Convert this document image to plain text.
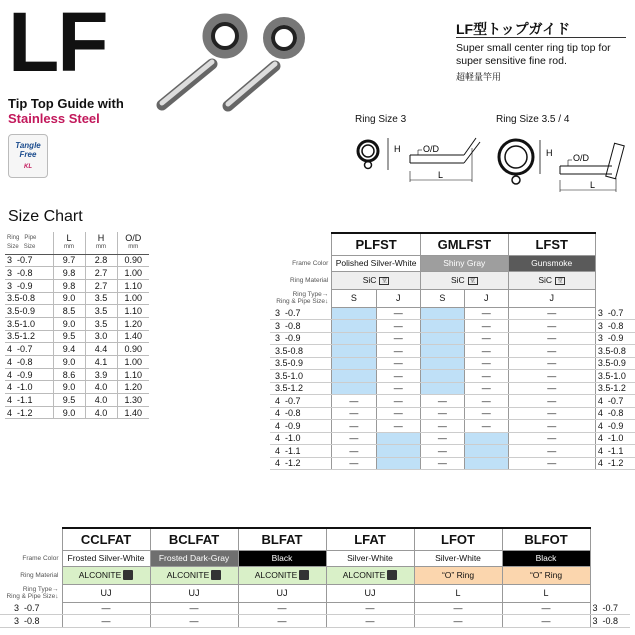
LF
Tip Top Guide with
Stainless Steel
Tangle
Free
KL
LF型トップガイド
Super small center ring tip top for super sensitive fine rod.
超軽量竿用
Ring Size 3	Ring Size 3.5 / 4
H	O/D
L
H O/D
L
Size Chart
Ring Pipe
Size Size	L
mm	H
mm	O/D
mm

3  -0.7	9.7	2.8	0.90
3  -0.8	9.8	2.7	1.00
3  -0.9	9.8	2.7	1.10
3.5-0.8	9.0	3.5	1.00
3.5-0.9	8.5	3.5	1.10
3.5-1.0	9.0	3.5	1.20
3.5-1.2	9.5	3.0	1.40
4  -0.7	9.4	4.4	0.90
4  -0.8	9.0	4.1	1.00
4  -0.9	8.6	3.9	1.10
4  -1.0	9.0	4.0	1.20
4  -1.1	9.5	4.0	1.30
4  -1.2	9.0	4.0	1.40
	PLFST		GMLFST		LFST	
Frame Color	Polished Silver-White		Shiny Gray		Gunsmoke	
Ring Material	SiC 堂		SiC 堂		SiC 堂	
Ring Type→
Ring & Pipe Size↓	S	J	S	J	J	
3  -0.7		—		—	—	3  -0.7
3  -0.8		—		—	—	3  -0.8
3  -0.9		—		—	—	3  -0.9
3.5-0.8		—		—	—	3.5-0.8
3.5-0.9		—		—	—	3.5-0.9
3.5-1.0		—		—	—	3.5-1.0
3.5-1.2		—		—	—	3.5-1.2
4  -0.7	—	—	—	—	—	4  -0.7
4  -0.8	—	—	—	—	—	4  -0.8
4  -0.9	—	—	—	—	—	4  -0.9
4  -1.0	—		—		—	4  -1.0
4  -1.1	—		—		—	4  -1.1
4  -1.2	—		—		—	4  -1.2
	CCLFAT	BCLFAT	BLFAT	LFAT	LFOT	BLFOT	
Frame Color	Frosted Silver-White	Frosted Dark-Gray	Black	Silver-White	Silver-White	Black	
Ring Material	ALCONITE	ALCONITE	ALCONITE	ALCONITE	“O” Ring	“O” Ring	
Ring Type→
Ring & Pipe Size↓	UJ	UJ	UJ	UJ	L	L	
3  -0.7	—	—	—	—	—	—	3  -0.7
3  -0.8	—	—	—	—	—	—	3  -0.8
